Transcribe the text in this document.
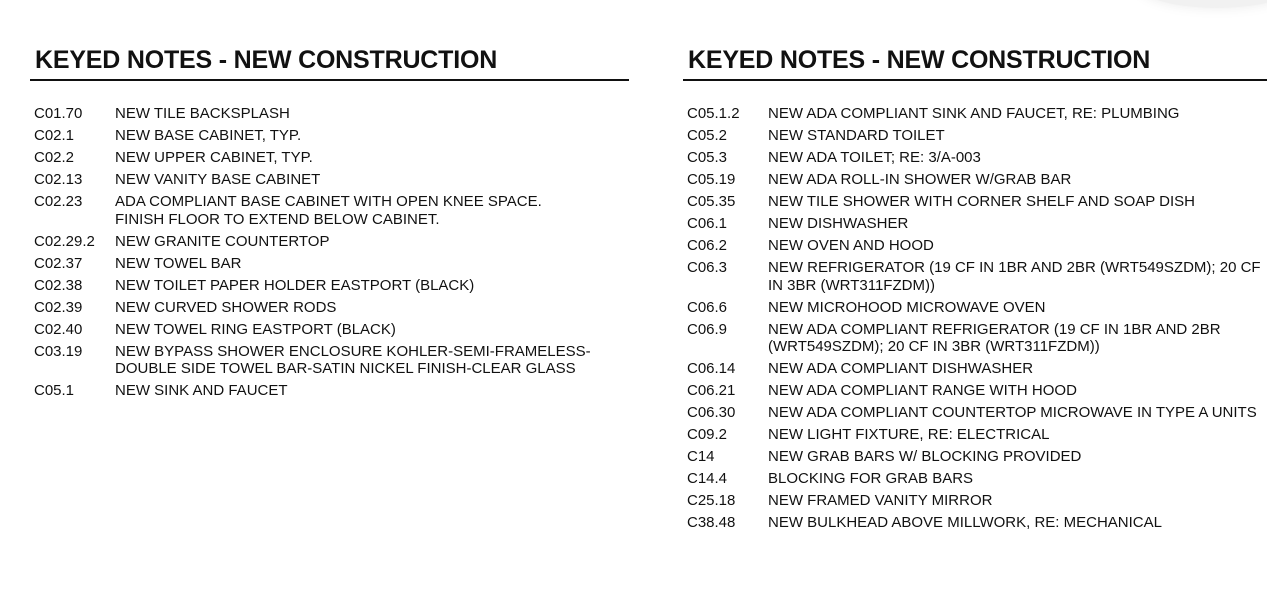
KEYED NOTES - NEW CONSTRUCTION
C01.70	NEW TILE BACKSPLASH
C02.1	NEW BASE CABINET, TYP.
C02.2	NEW UPPER CABINET, TYP.
C02.13	NEW VANITY BASE CABINET
C02.23	ADA COMPLIANT BASE CABINET WITH OPEN KNEE SPACE. FINISH FLOOR TO EXTEND BELOW CABINET.
C02.29.2	NEW GRANITE COUNTERTOP
C02.37	NEW TOWEL BAR
C02.38	NEW TOILET PAPER HOLDER EASTPORT (BLACK)
C02.39	NEW CURVED SHOWER RODS
C02.40	NEW TOWEL RING EASTPORT (BLACK)
C03.19	NEW BYPASS SHOWER ENCLOSURE KOHLER-SEMI-FRAMELESS-DOUBLE SIDE TOWEL BAR-SATIN NICKEL FINISH-CLEAR GLASS
C05.1	NEW SINK AND FAUCET
KEYED NOTES - NEW CONSTRUCTION
C05.1.2	NEW ADA COMPLIANT SINK AND FAUCET, RE: PLUMBING
C05.2	NEW STANDARD TOILET
C05.3	NEW ADA TOILET; RE: 3/A-003
C05.19	NEW ADA ROLL-IN SHOWER W/GRAB BAR
C05.35	NEW TILE SHOWER WITH CORNER SHELF AND SOAP DISH
C06.1	NEW DISHWASHER
C06.2	NEW OVEN AND HOOD
C06.3	NEW REFRIGERATOR (19 CF IN 1BR AND 2BR (WRT549SZDM); 20 CF IN 3BR (WRT311FZDM))
C06.6	NEW MICROHOOD MICROWAVE OVEN
C06.9	NEW ADA COMPLIANT REFRIGERATOR (19 CF IN 1BR AND 2BR (WRT549SZDM); 20 CF IN 3BR (WRT311FZDM))
C06.14	NEW ADA COMPLIANT DISHWASHER
C06.21	NEW ADA COMPLIANT RANGE WITH HOOD
C06.30	NEW ADA COMPLIANT COUNTERTOP MICROWAVE IN TYPE A UNITS
C09.2	NEW LIGHT FIXTURE, RE: ELECTRICAL
C14	NEW GRAB BARS W/ BLOCKING PROVIDED
C14.4	BLOCKING FOR GRAB BARS
C25.18	NEW FRAMED VANITY MIRROR
C38.48	NEW BULKHEAD ABOVE MILLWORK, RE: MECHANICAL
